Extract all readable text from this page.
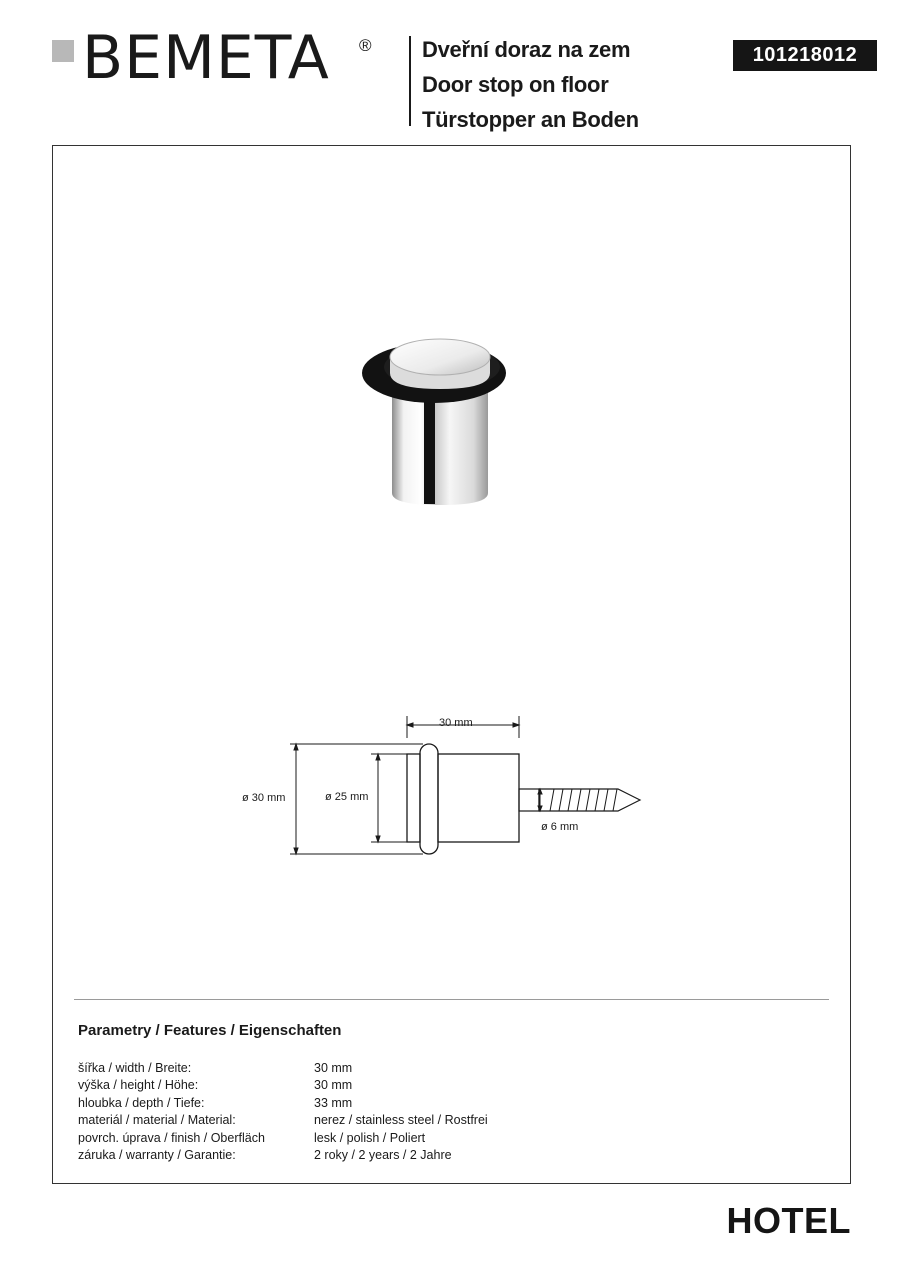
BEMETA ® Dveřní doraz na zem
Door stop on floor
Türstopper an Boden
101218012
30 mm
ø 30 mm	ø 25 mm
ø 6 mm
Parametry / Features / Eigenschaften
šířka / width / Breite:	30 mm
výška / height / Höhe:	30 mm
hloubka / depth / Tiefe:	33 mm
materiál / material / Material:	nerez / stainless steel / Rostfrei
povrch. úprava / finish / Oberfläch	lesk / polish / Poliert
záruka / warranty / Garantie:	2 roky / 2 years / 2 Jahre
HOTEL
